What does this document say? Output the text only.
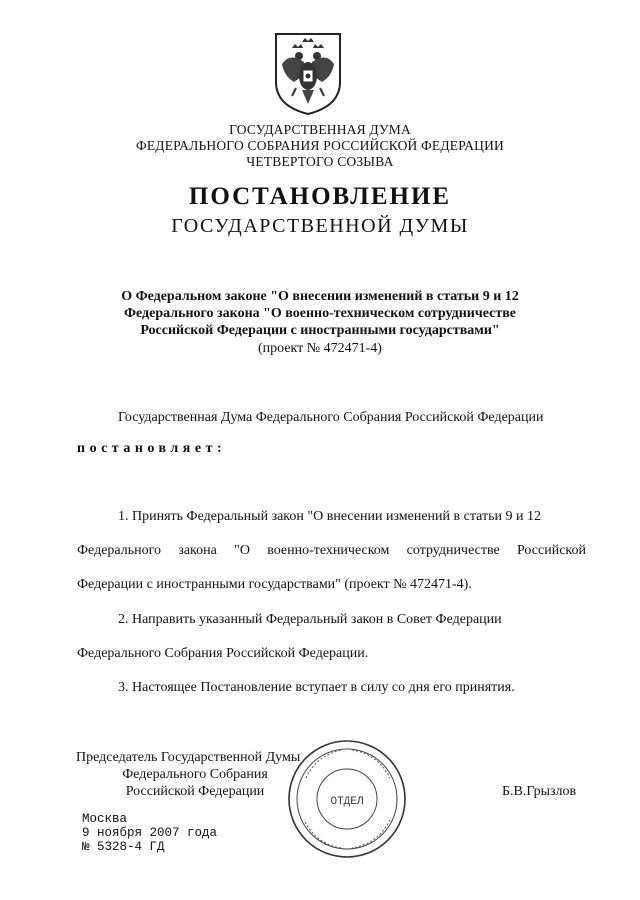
ГОСУДАРСТВЕННАЯ ДУМА
ФЕДЕРАЛЬНОГО СОБРАНИЯ РОССИЙСКОЙ ФЕДЕРАЦИИ
ЧЕТВЕРТОГО СОЗЫВА
ПОСТАНОВЛЕНИЕ
ГОСУДАРСТВЕННОЙ ДУМЫ
О Федеральном законе "О внесении изменений в статьи 9 и 12
Федерального закона "О военно-техническом сотрудничестве
Российской Федерации с иностранными государствами"
(проект № 472471-4)
Государственная Дума Федерального Собрания Российской Федерации
постановляет:
1. Принять Федеральный закон "О внесении изменений в статьи 9 и 12
Федерального закона "О военно-техническом сотрудничестве Российской
Федерации с иностранными государствами" (проект № 472471-4).
2. Направить указанный Федеральный закон в Совет Федерации
Федерального Собрания Российской Федерации.
3. Настоящее Постановление вступает в силу со дня его принятия.
ОТДЕЛ
Председатель Государственной Думы
Федерального Собрания
Российской Федерации	Б.В.Грызлов
Москва
9 ноября 2007 года
№ 5328-4 ГД
